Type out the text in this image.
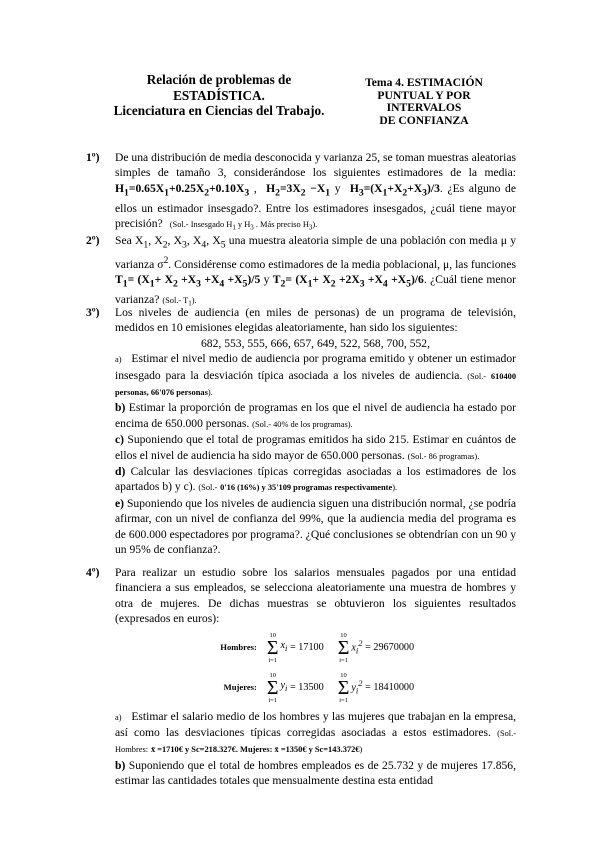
Relación de problemas de
ESTADÍSTICA.
Licenciatura en Ciencias del Trabajo.
Tema 4. ESTIMACIÓN
PUNTUAL Y POR INTERVALOS
DE CONFIANZA
1º) De una distribución de media desconocida y varianza 25, se toman muestras aleatorias simples de tamaño 3, considerándose los siguientes estimadores de la media: $H_1=0.65X_1+0.25X_2+0.10X_3$ ,  $H_2=3X_2 -X_1$ y  $H_3=(X_1+X_2+X_3)/3$. ¿Es alguno de ellos un estimador insesgado?. Entre los estimadores insesgados, ¿cuál tiene mayor precisión? (Sol.- Insesgado $H_1$ y $H_3$ . Más preciso $H_3$).
2º) Sea $X_1$, $X_2$, $X_3$, $X_4$, $X_5$ una muestra aleatoria simple de una población con media μ y varianza $\sigma^2$. Considérense como estimadores de la media poblacional, μ, las funciones $T_1= (X_1+ X_2 +X_3 +X_4 +X_5)/5$ y $T_2= (X_1+ X_2 +2X_3 +X_4 +X_5)/6$. ¿Cuál tiene menor varianza? (Sol.- $T_1$).
3º) Los niveles de audiencia (en miles de personas) de un programa de televisión, medidos en 10 emisiones elegidas aleatoriamente, han sido los siguientes:

682, 553, 555, 666, 657, 649, 522, 568, 700, 552,

a) Estimar el nivel medio de audiencia por programa emitido y obtener un estimador insesgado para la desviación típica asociada a los niveles de audiencia. (Sol.- 610400 personas, 66'076 personas).

b) Estimar la proporción de programas en los que el nivel de audiencia ha estado por encima de 650.000 personas. (Sol.- 40% de los programas).

c) Suponiendo que el total de programas emitidos ha sido 215. Estimar en cuántos de ellos el nivel de audiencia ha sido mayor de 650.000 personas. (Sol.- 86 programas).

d) Calcular las desviaciones típicas corregidas asociadas a los estimadores de los apartados b) y c). (Sol.- 0'16 (16%) y 35'109 programas respectivamente).

e) Suponiendo que los niveles de audiencia siguen una distribución normal, ¿se podría afirmar, con un nivel de confianza del 99%, que la audiencia media del programa es de 600.000 espectadores por programa?. ¿Qué conclusiones se obtendrían con un 90 y un 95% de confianza?.

4º) Para realizar un estudio sobre los salarios mensuales pagados por una entidad financiera a sus empleados, se selecciona aleatoriamente una muestra de hombres y otra de mujeres. De dichas muestras se obtuvieron los siguientes resultados (expresados en euros):

Hombres:
10
Σ
i=1
$x_i$
= 17100
10
Σ
i=1
$x_i^2$
= 29670000
Mujeres:
10
Σ
i=1
$y_i$
= 13500
10
Σ
i=1
$y_i^2$
= 18410000

a) Estimar el salario medio de los hombres y las mujeres que trabajan en la empresa, así como las desviaciones típicas corregidas asociadas a estos estimadores. (Sol.- Hombres: x̄ =1710€ y Sc=218.327€. Mujeres: x̄ =1350€ y Sc=143.372€)

b) Suponiendo que el total de hombres empleados es de 25.732 y de mujeres 17.856, estimar las cantidades totales que mensualmente destina esta entidad
